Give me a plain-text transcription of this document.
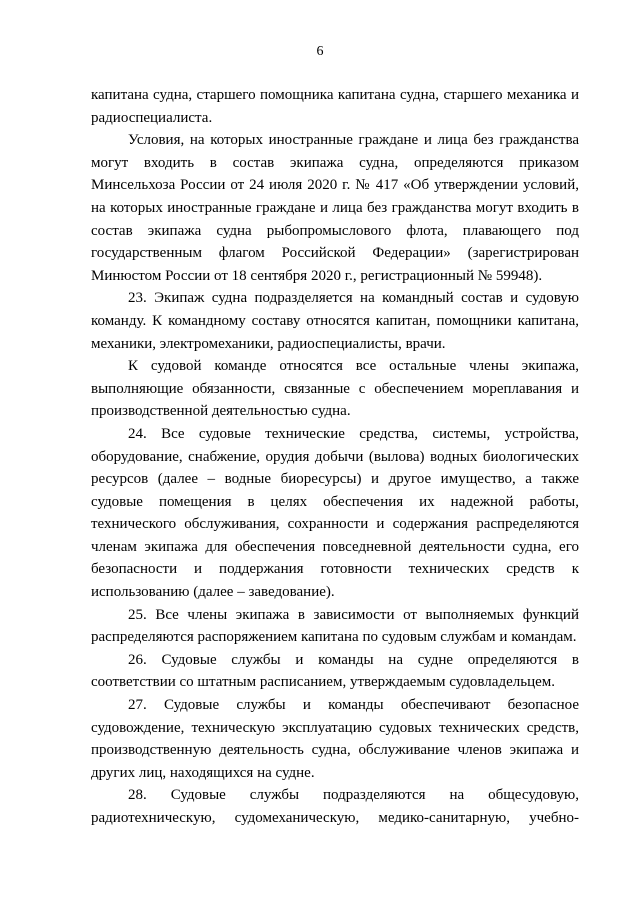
6

капитана судна, старшего помощника капитана судна, старшего механика и радиоспециалиста.

Условия, на которых иностранные граждане и лица без гражданства могут входить в состав экипажа судна, определяются приказом Минсельхоза России от 24 июля 2020 г. № 417 «Об утверждении условий, на которых иностранные граждане и лица без гражданства могут входить в состав экипажа судна рыбопромыслового флота, плавающего под государственным флагом Российской Федерации» (зарегистрирован Минюстом России от 18 сентября 2020 г., регистрационный № 59948).

23. Экипаж судна подразделяется на командный состав и судовую команду. К командному составу относятся капитан, помощники капитана, механики, электромеханики, радиоспециалисты, врачи.

К судовой команде относятся все остальные члены экипажа, выполняющие обязанности, связанные с обеспечением мореплавания и производственной деятельностью судна.

24. Все судовые технические средства, системы, устройства, оборудование, снабжение, орудия добычи (вылова) водных биологических ресурсов (далее – водные биоресурсы) и другое имущество, а также судовые помещения в целях обеспечения их надежной работы, технического обслуживания, сохранности и содержания распределяются членам экипажа для обеспечения повседневной деятельности судна, его безопасности и поддержания готовности технических средств к использованию (далее – заведование).

25. Все члены экипажа в зависимости от выполняемых функций распределяются распоряжением капитана по судовым службам и командам.

26. Судовые службы и команды на судне определяются в соответствии со штатным расписанием, утверждаемым судовладельцем.

27. Судовые службы и команды обеспечивают безопасное судовождение, техническую эксплуатацию судовых технических средств, производственную деятельность судна, обслуживание членов экипажа и других лиц, находящихся на судне.

28. Судовые службы подразделяются на общесудовую, радиотехническую, судомеханическую, медико-санитарную, учебно-
